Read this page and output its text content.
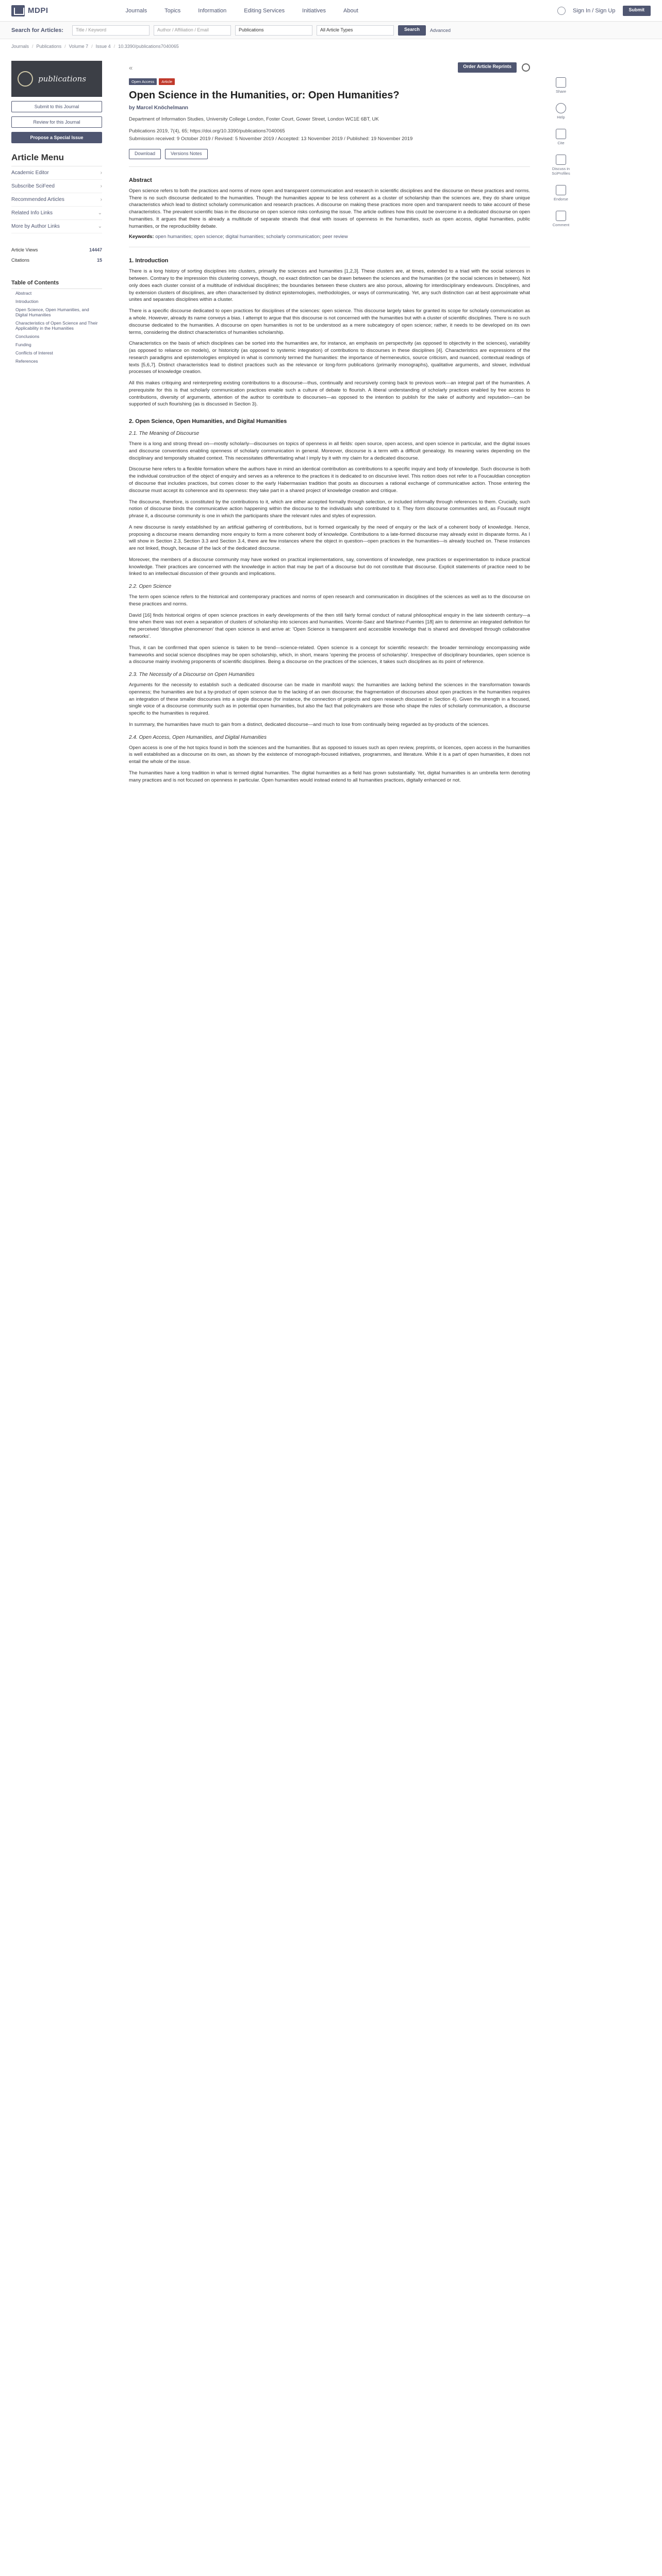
MDPI	Journals	Topics	Information	Editing Services	Initiatives	About	Sign In / Sign Up	Submit
Search for Articles:	Title / Keyword	Author / Affiliation / Email	Publications	All Article Types	Search	Advanced
Journals / Publications / Volume 7 / Issue 4 / 10.3390/publications7040065
publications
Submit to this Journal
Review for this Journal
Propose a Special Issue
Article Menu
Academic Editor	›
Subscribe SciFeed	›
Recommended Articles	›
Related Info Links	⌄
More by Author Links	⌄
Article Views	14447
Citations	15
Table of Contents
Abstract
Introduction
Open Science, Open Humanities, and Digital Humanities
Characteristics of Open Science and Their Applicability in the Humanities
Conclusions
Funding
Conflicts of Interest
References
«	Order Article Reprints
Open Access	Article
Open Science in the Humanities, or: Open Humanities?
by Marcel Knöchelmann
Department of Information Studies, University College London, Foster Court, Gower Street, London WC1E 6BT, UK
Publications 2019, 7(4), 65; https://doi.org/10.3390/publications7040065
Submission received: 9 October 2019 / Revised: 5 November 2019 / Accepted: 13 November 2019 / Published: 19 November 2019
Download	Versions Notes
Abstract

Open science refers to both the practices and norms of more open and transparent communication and research in scientific disciplines and the discourse on these practices and norms. There is no such discourse dedicated to the humanities. Though the humanities appear to be less coherent as a cluster of scholarship than the sciences are, they do share unique characteristics which lead to distinct scholarly communication and research practices. A discourse on making these practices more open and transparent needs to take account of these characteristics. The prevalent scientific bias in the discourse on open science risks confusing the issue. The article outlines how this could be overcome in a dedicated discourse on open humanities. It argues that there is already a multitude of separate strands that deal with issues of openness in the humanities, such as open access, digital humanities, public humanities, or the reproducibility debate.

Keywords: open humanities; open science; digital humanities; scholarly communication; peer review
1. Introduction

There is a long history of sorting disciplines into clusters, primarily the sciences and humanities [1,2,3]. These clusters are, at times, extended to a triad with the social sciences in between. Contrary to the impression this clustering conveys, though, no exact distinction can be drawn between the sciences and the humanities (or the social sciences in between). Not only does each cluster consist of a multitude of individual disciplines; the boundaries between these clusters are also porous, allowing for interdisciplinary endeavours. Disciplines, and by extension clusters of disciplines, are often characterised by distinct epistemologies, methodologies, or ways of communicating. Yet, any such distinction can at best approximate what unites and separates disciplines within a cluster.

There is a specific discourse dedicated to open practices for disciplines of the sciences: open science. This discourse largely takes for granted its scope for scholarly communication as a whole. However, already its name conveys a bias. I attempt to argue that this discourse is not concerned with the humanities but with a cluster of scientific disciplines. There is no such discourse dedicated to the humanities. A discourse on open humanities is not to be understood as a mere subcategory of open science; rather, it needs to be developed on its own terms, considering the distinct characteristics of humanities scholarship.

Characteristics on the basis of which disciplines can be sorted into the humanities are, for instance, an emphasis on perspectivity (as opposed to objectivity in the sciences), variability (as opposed to reliance on models), or historicity (as opposed to systemic integration) of contributions to discourses in these disciplines [4]. Characteristics are expressions of the research paradigms and epistemologies employed in what is commonly termed the humanities: the importance of hermeneutics, source criticism, and nuanced, contextual readings of texts [5,6,7]. Distinct characteristics lead to distinct practices such as the relevance or long-form publications (primarily monographs), qualitative arguments, and slower, individual processes of knowledge creation.

All this makes critiquing and reinterpreting existing contributions to a discourse—thus, continually and recursively coming back to previous work—an integral part of the humanities. A prerequisite for this is that scholarly communication practices enable such a culture of debate to flourish. A liberal understanding of scholarly practices enabled by free access to contributions, diversity of arguments, attention of the author to contribute to discourses—as opposed to the intention to publish for the sake of authority and reputation—can be supported of such flourishing (as is discussed in Section 3).

2. Open Science, Open Humanities, and Digital Humanities
2.1. The Meaning of Discourse

There is a long and strong thread on—mostly scholarly—discourses on topics of openness in all fields: open source, open access, and open science in particular, and the digital issues and discourse conventions enabling openness of scholarly communication in general. Moreover, discourse is a term with a difficult genealogy. Its meaning varies depending on the disciplinary and temporally situated context. This necessitates differentiating what I imply by it with my claim for a dedicated discourse.

Discourse here refers to a flexible formation where the authors have in mind an identical contribution as contributions to a specific inquiry and body of knowledge. Such discourse is both the individual construction of the object of enquiry and serves as a reference to the practices it is dedicated to on discursive level. This notion does not refer to a Foucauldian conception of discourse that includes practices, but comes closer to the early Habermasian tradition that posits as discourses a rational exchange of communicative action. Those entering the discourse must accept its coherence and its openness: they take part in a shared project of knowledge creation and critique.

The discourse, therefore, is constituted by the contributions to it, which are either accepted formally through selection, or included informally through references to them. Crucially, such notion of discourse binds the communicative action happening within the discourse to the individuals who contributed to it. They form discourse communities and, as Foucault might phrase it, a discourse community is one in which the participants share the relevant rules and styles of expression.

A new discourse is rarely established by an artificial gathering of contributions, but is formed organically by the need of enquiry or the lack of a coherent body of knowledge. Hence, proposing a discourse means demanding more enquiry to form a more coherent body of knowledge. Contributions to a late-formed discourse may already exist in disparate forms. As I will show in Section 2.3, Section 3.3 and Section 3.4, there are few instances where the object in question—open practices in the humanities—is already touched on. These instances are not linked, though, because of the lack of the dedicated discourse.

Moreover, the members of a discourse community may have worked on practical implementations, say, conventions of knowledge, new practices or experimentation to induce practical knowledge. Their practices are concerned with the knowledge in action that may be part of a discourse but do not constitute that discourse. Explicit statements of practice need to be linked to an intellectual discussion of their grounds and implications.

2.2. Open Science

The term open science refers to the historical and contemporary practices and norms of open research and communication in disciplines of the sciences as well as to the discourse on these practices and norms.

David [16] finds historical origins of open science practices in early developments of the then still fairly formal conduct of natural philosophical enquiry in the late sixteenth century—a time when there was not even a separation of clusters of scholarship into sciences and humanities. Vicente-Saez and Martinez-Fuentes [18] aim to determine an integrated definition for the perceived 'disruptive phenomenon' that open science is and arrive at: 'Open Science is transparent and accessible knowledge that is shared and developed through collaborative networks'.

Thus, it can be confirmed that open science is taken to be trend—science-related. Open science is a concept for scientific research: the broader terminology encompassing wide frameworks and social science disciplines may be open scholarship, which, in short, means 'opening the process of scholarship'. Irrespective of disciplinary boundaries, open science is a discourse mainly involving proponents of scientific disciplines. Being a discourse on the practices of the sciences, it takes such disciplines as its point of reference.

2.3. The Necessity of a Discourse on Open Humanities

Arguments for the necessity to establish such a dedicated discourse can be made in manifold ways: the humanities are lacking behind the sciences in the transformation towards openness; the humanities are but a by-product of open science due to the lacking of an own discourse; the fragmentation of discourses about open practices in the humanities requires an integration of these smaller discourses into a single discourse (for instance, the connection of projects and open research discussed in Section 4). Given the strength in a focused, single voice of a discourse community such as in potential open humanities, but also the fact that policymakers are those who shape the rules of scholarly communication, a discourse specific to the humanities is required.

In summary, the humanities have much to gain from a distinct, dedicated discourse—and much to lose from continually being regarded as by-products of the sciences.

2.4. Open Access, Open Humanities, and Digital Humanities

Open access is one of the hot topics found in both the sciences and the humanities. But as opposed to issues such as open review, preprints, or licences, open access in the humanities is well established as a discourse on its own, as shown by the existence of monograph-focused initiatives, programmes, and literature. While it is a part of open humanities, it does not entail the whole of the issue.

The humanities have a long tradition in what is termed digital humanities. The digital humanities as a field has grown substantially. Yet, digital humanities is an umbrella term denoting many practices and is not focused on openness in particular. Open humanities would instead extend to all humanities practices, digitally enhanced or not.

Share
Help
Cite
Discuss in SciProfiles
Endorse
Comment
